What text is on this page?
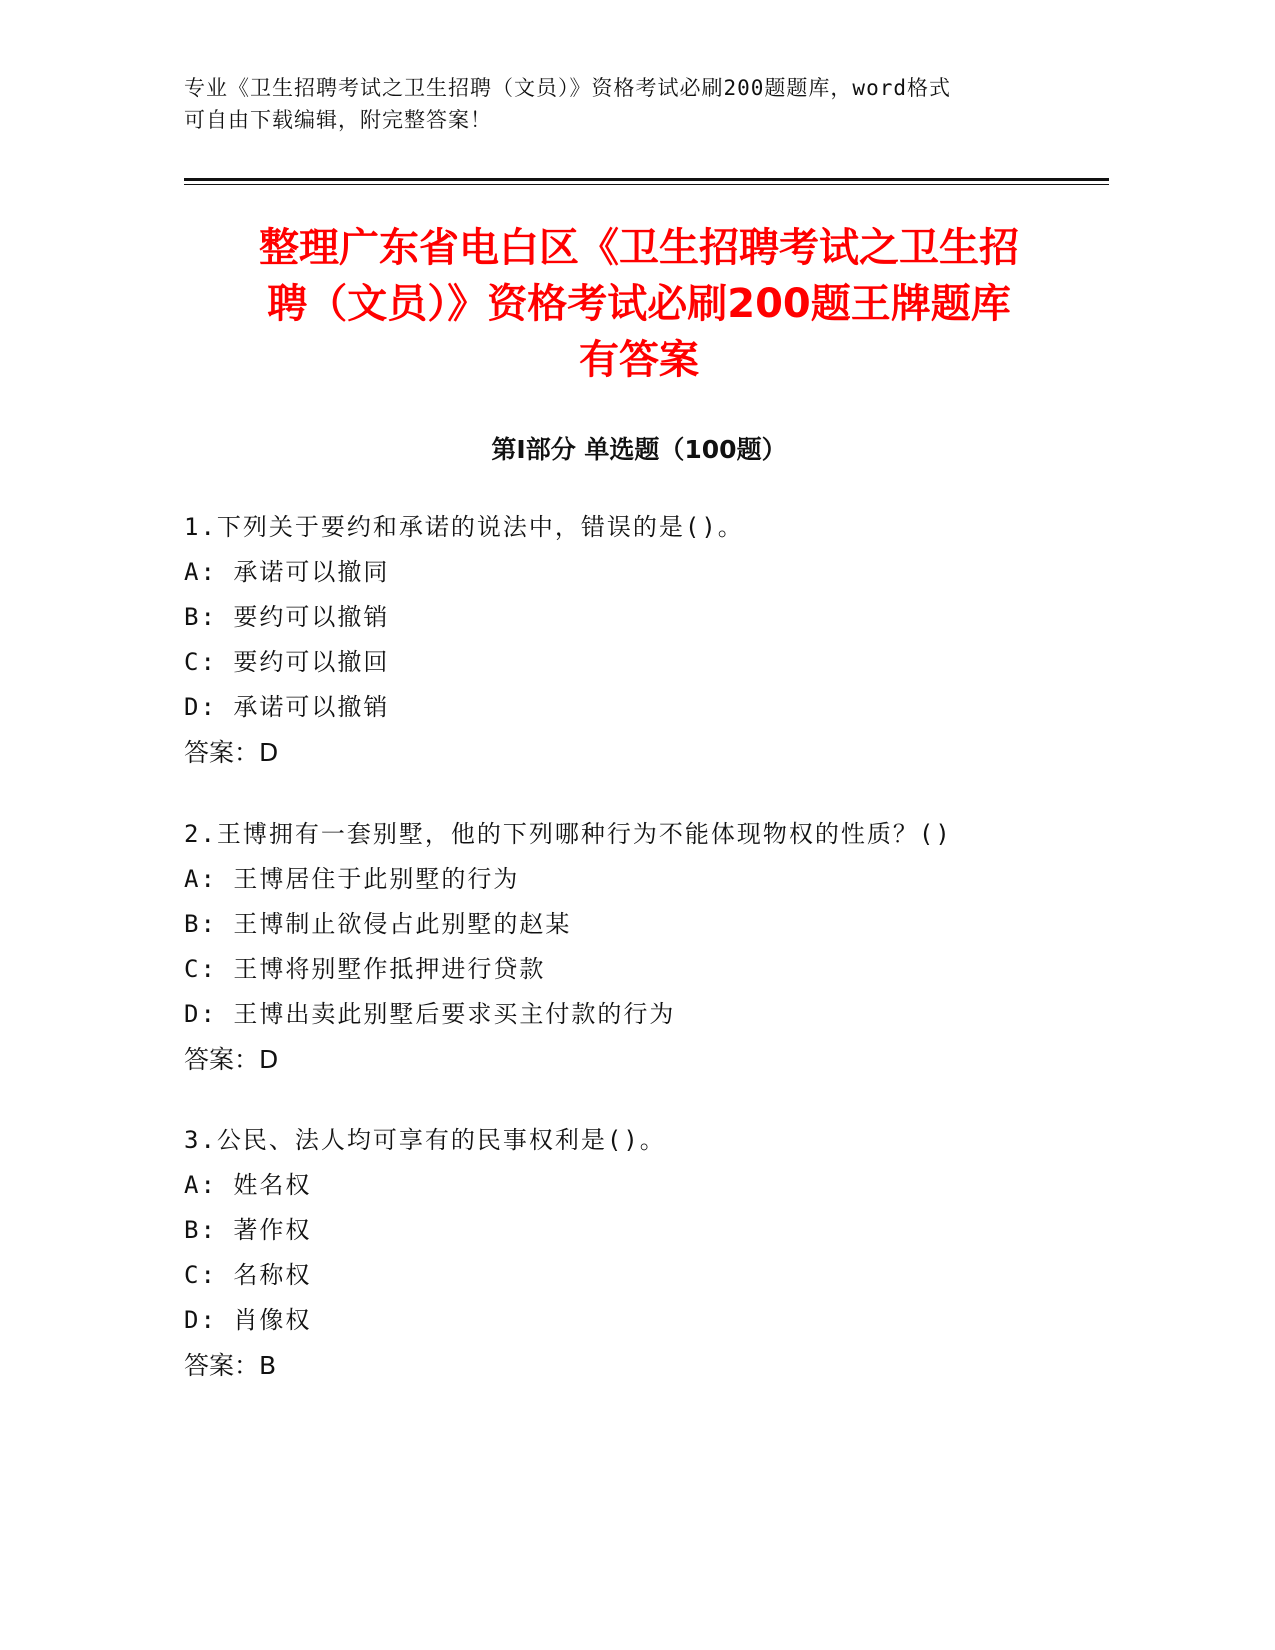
专业《卫生招聘考试之卫生招聘（文员）》资格考试必刷200题题库，word格式
可自由下载编辑，附完整答案！
整理广东省电白区《卫生招聘考试之卫生招
聘（文员）》资格考试必刷200题王牌题库
有答案
第Ⅰ部分 单选题（100题）
1.下列关于要约和承诺的说法中，错误的是()。
A: 承诺可以撤同
B: 要约可以撤销
C: 要约可以撤回
D: 承诺可以撤销
答案：D
2.王博拥有一套别墅，他的下列哪种行为不能体现物权的性质？()
A: 王博居住于此别墅的行为
B: 王博制止欲侵占此别墅的赵某
C: 王博将别墅作抵押进行贷款
D: 王博出卖此别墅后要求买主付款的行为
答案：D
3.公民、法人均可享有的民事权利是()。
A: 姓名权
B: 著作权
C: 名称权
D: 肖像权
答案：B
